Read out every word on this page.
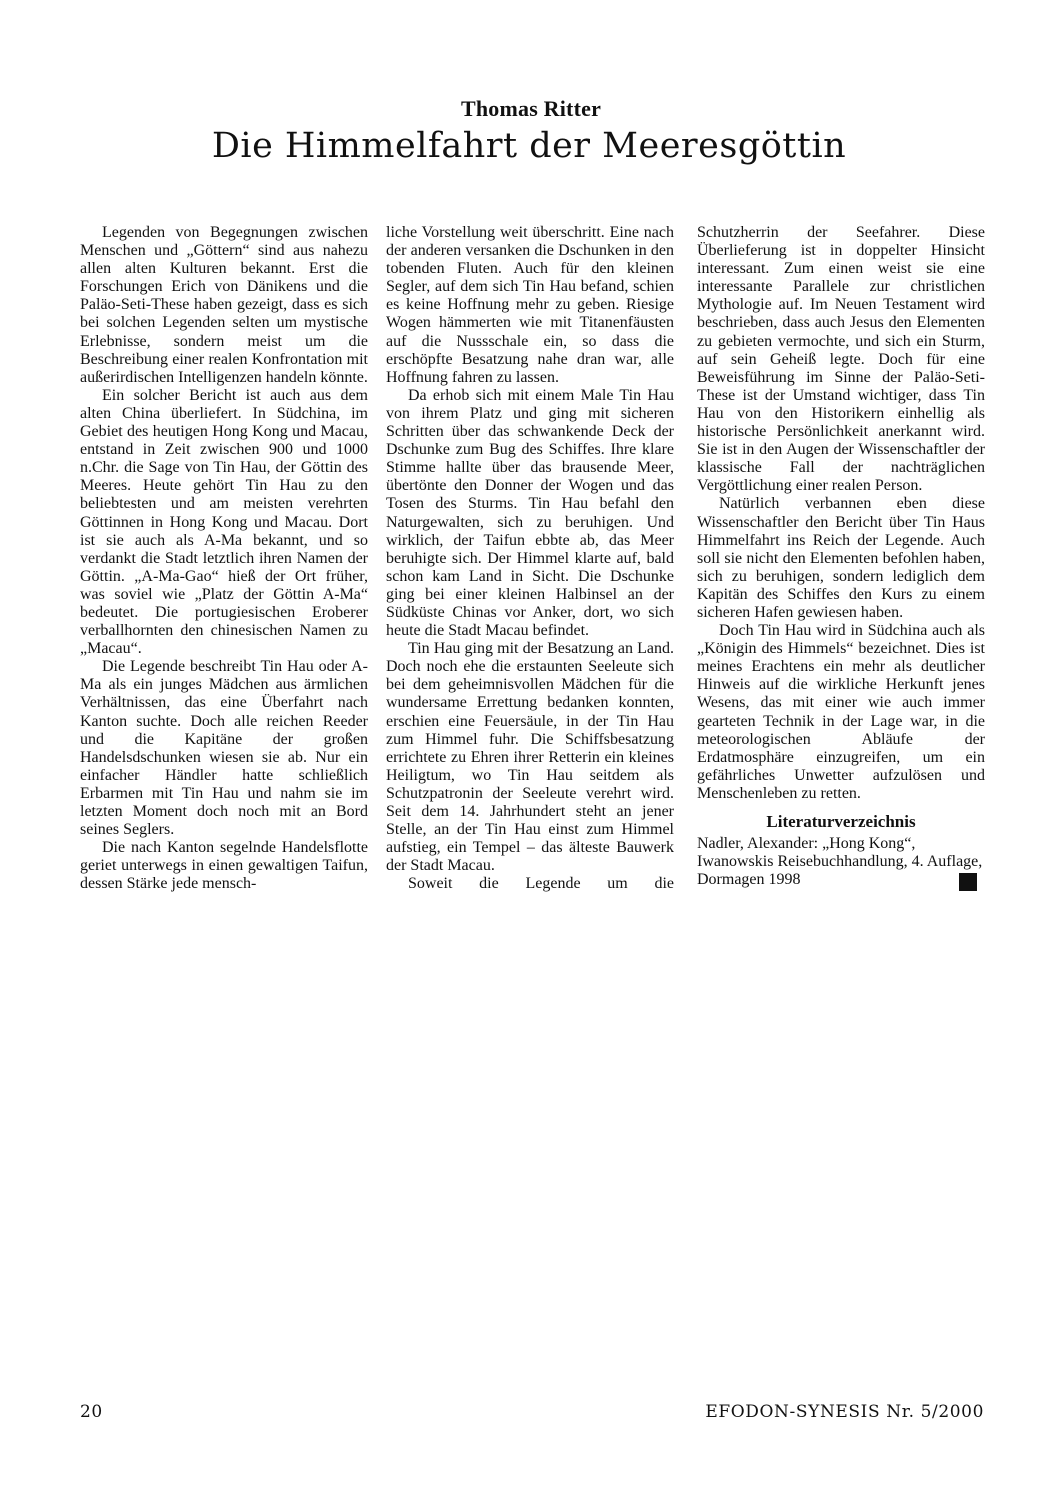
Thomas Ritter
Die Himmelfahrt der Meeresgöttin

Legenden von Begegnungen zwischen Menschen und „Göttern“ sind aus nahezu allen alten Kulturen bekannt. Erst die Forschungen Erich von Dänikens und die Paläo-Seti-These haben gezeigt, dass es sich bei solchen Legenden selten um mystische Erlebnisse, sondern meist um die Beschreibung einer realen Konfrontation mit außerirdischen Intelligenzen handeln könnte.

Ein solcher Bericht ist auch aus dem alten China überliefert. In Südchina, im Gebiet des heutigen Hong Kong und Macau, entstand in Zeit zwischen 900 und 1000 n.Chr. die Sage von Tin Hau, der Göttin des Meeres. Heute gehört Tin Hau zu den beliebtesten und am meisten verehrten Göttinnen in Hong Kong und Macau. Dort ist sie auch als A-Ma bekannt, und so verdankt die Stadt letztlich ihren Namen der Göttin. „A-Ma-Gao“ hieß der Ort früher, was soviel wie „Platz der Göttin A-Ma“ bedeutet. Die portugiesischen Eroberer verballhornten den chinesischen Namen zu „Macau“.

Die Legende beschreibt Tin Hau oder A-Ma als ein junges Mädchen aus ärmlichen Verhältnissen, das eine Überfahrt nach Kanton suchte. Doch alle reichen Reeder und die Kapitäne der großen Handelsdschunken wiesen sie ab. Nur ein einfacher Händler hatte schließlich Erbarmen mit Tin Hau und nahm sie im letzten Moment doch noch mit an Bord seines Seglers.

Die nach Kanton segelnde Handelsflotte geriet unterwegs in einen gewaltigen Taifun, dessen Stärke jede mensch-

liche Vorstellung weit überschritt. Eine nach der anderen versanken die Dschunken in den tobenden Fluten. Auch für den kleinen Segler, auf dem sich Tin Hau befand, schien es keine Hoffnung mehr zu geben. Riesige Wogen hämmerten wie mit Titanenfäusten auf die Nussschale ein, so dass die erschöpfte Besatzung nahe dran war, alle Hoffnung fahren zu lassen.

Da erhob sich mit einem Male Tin Hau von ihrem Platz und ging mit sicheren Schritten über das schwankende Deck der Dschunke zum Bug des Schiffes. Ihre klare Stimme hallte über das brausende Meer, übertönte den Donner der Wogen und das Tosen des Sturms. Tin Hau befahl den Naturgewalten, sich zu beruhigen. Und wirklich, der Taifun ebbte ab, das Meer beruhigte sich. Der Himmel klarte auf, bald schon kam Land in Sicht. Die Dschunke ging bei einer kleinen Halbinsel an der Südküste Chinas vor Anker, dort, wo sich heute die Stadt Macau befindet.

Tin Hau ging mit der Besatzung an Land. Doch noch ehe die erstaunten Seeleute sich bei dem geheimnisvollen Mädchen für die wundersame Errettung bedanken konnten, erschien eine Feuersäule, in der Tin Hau zum Himmel fuhr. Die Schiffsbesatzung errichtete zu Ehren ihrer Retterin ein kleines Heiligtum, wo Tin Hau seitdem als Schutzpatronin der Seeleute verehrt wird. Seit dem 14. Jahrhundert steht an jener Stelle, an der Tin Hau einst zum Himmel aufstieg, ein Tempel – das älteste Bauwerk der Stadt Macau.

Soweit die Legende um die

Schutzherrin der Seefahrer. Diese Überlieferung ist in doppelter Hinsicht interessant. Zum einen weist sie eine interessante Parallele zur christlichen Mythologie auf. Im Neuen Testament wird beschrieben, dass auch Jesus den Elementen zu gebieten vermochte, und sich ein Sturm, auf sein Geheiß legte. Doch für eine Beweisführung im Sinne der Paläo-Seti-These ist der Umstand wichtiger, dass Tin Hau von den Historikern einhellig als historische Persönlichkeit anerkannt wird. Sie ist in den Augen der Wissenschaftler der klassische Fall der nachträglichen Vergöttlichung einer realen Person.

Natürlich verbannen eben diese Wissenschaftler den Bericht über Tin Haus Himmelfahrt ins Reich der Legende. Auch soll sie nicht den Elementen befohlen haben, sich zu beruhigen, sondern lediglich dem Kapitän des Schiffes den Kurs zu einem sicheren Hafen gewiesen haben.

Doch Tin Hau wird in Südchina auch als „Königin des Himmels“ bezeichnet. Dies ist meines Erachtens ein mehr als deutlicher Hinweis auf die wirkliche Herkunft jenes Wesens, das mit einer wie auch immer gearteten Technik in der Lage war, in die meteorologischen Abläufe der Erdatmosphäre einzugreifen, um ein gefährliches Unwetter aufzulösen und Menschenleben zu retten.

Literaturverzeichnis
Nadler, Alexander: „Hong Kong“, Iwanowskis Reisebuchhandlung, 4. Auflage, Dormagen 1998
20	EFODON-SYNESIS Nr. 5/2000
